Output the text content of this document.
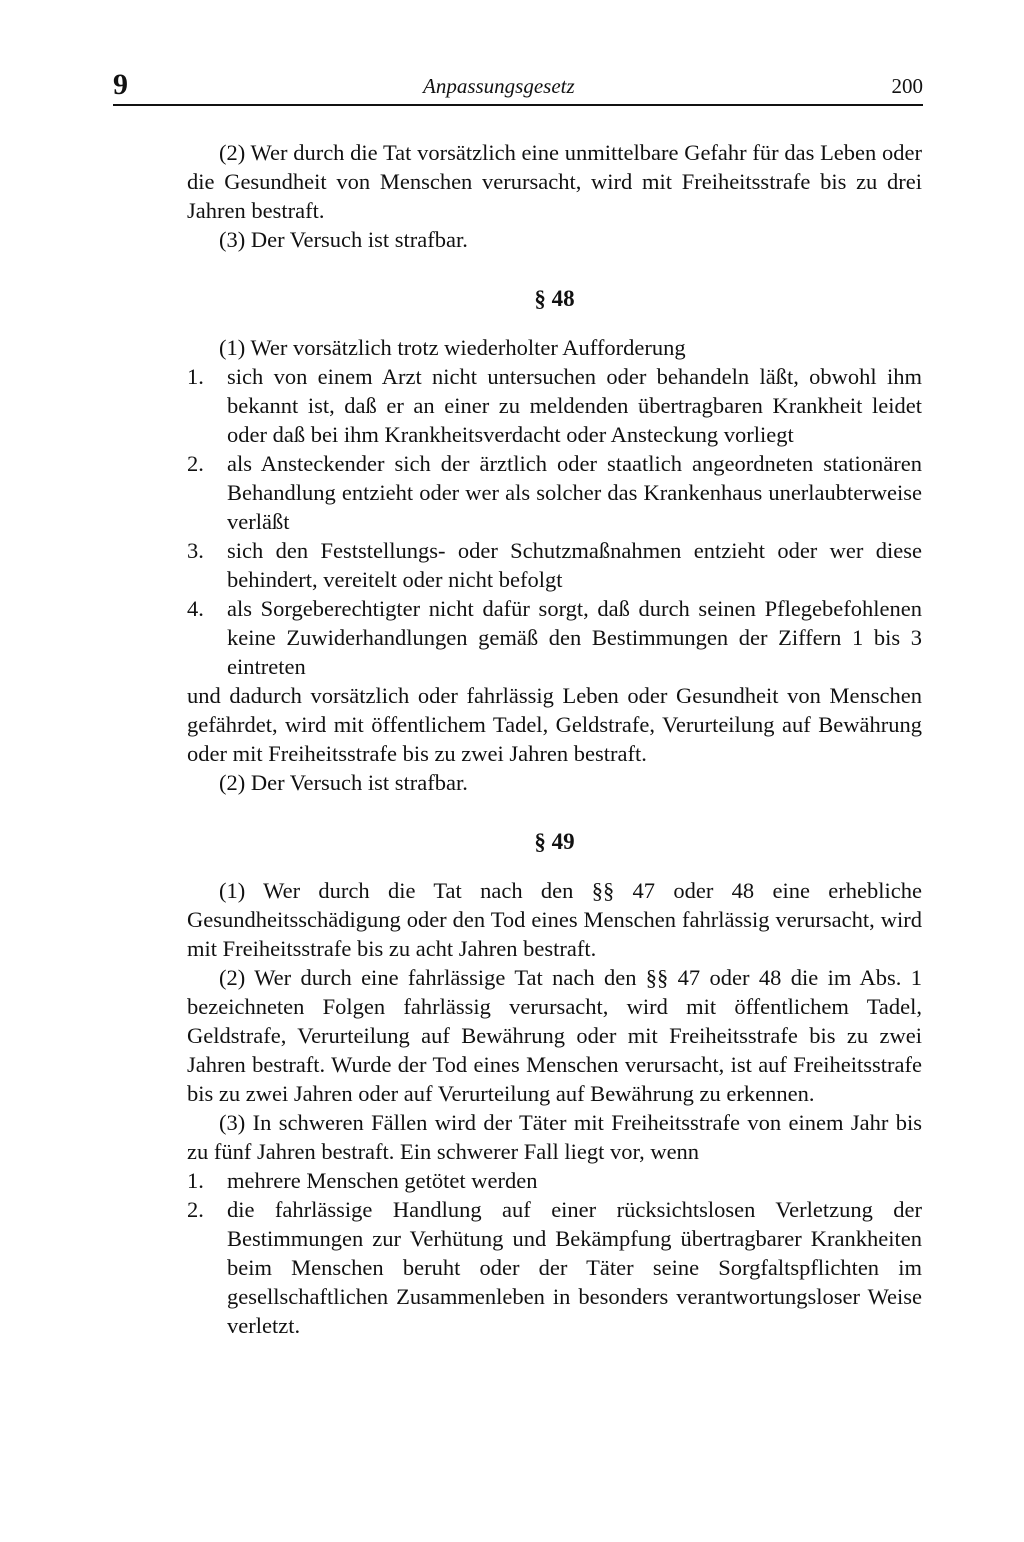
9	Anpassungsgesetz	200

(2) Wer durch die Tat vorsätzlich eine unmittelbare Gefahr für das Leben oder die Gesundheit von Menschen verursacht, wird mit Freiheitsstrafe bis zu drei Jahren bestraft.

(3) Der Versuch ist strafbar.

§ 48

(1) Wer vorsätzlich trotz wiederholter Aufforderung

1.	sich von einem Arzt nicht untersuchen oder behandeln läßt, obwohl ihm bekannt ist, daß er an einer zu meldenden übertragbaren Krankheit leidet oder daß bei ihm Krankheitsverdacht oder Ansteckung vorliegt
2.	als Ansteckender sich der ärztlich oder staatlich angeordneten stationären Behandlung entzieht oder wer als solcher das Krankenhaus unerlaubterweise verläßt
3.	sich den Feststellungs- oder Schutzmaßnahmen entzieht oder wer diese behindert, vereitelt oder nicht befolgt
4.	als Sorgeberechtigter nicht dafür sorgt, daß durch seinen Pflegebefohlenen keine Zuwiderhandlungen gemäß den Bestimmungen der Ziffern 1 bis 3 eintreten

und dadurch vorsätzlich oder fahrlässig Leben oder Gesundheit von Menschen gefährdet, wird mit öffentlichem Tadel, Geldstrafe, Verurteilung auf Bewährung oder mit Freiheitsstrafe bis zu zwei Jahren bestraft.

(2) Der Versuch ist strafbar.

§ 49

(1) Wer durch die Tat nach den §§ 47 oder 48 eine erhebliche Gesundheitsschädigung oder den Tod eines Menschen fahrlässig verursacht, wird mit Freiheitsstrafe bis zu acht Jahren bestraft.

(2) Wer durch eine fahrlässige Tat nach den §§ 47 oder 48 die im Abs. 1 bezeichneten Folgen fahrlässig verursacht, wird mit öffentlichem Tadel, Geldstrafe, Verurteilung auf Bewährung oder mit Freiheitsstrafe bis zu zwei Jahren bestraft. Wurde der Tod eines Menschen verursacht, ist auf Freiheitsstrafe bis zu zwei Jahren oder auf Verurteilung auf Bewährung zu erkennen.

(3) In schweren Fällen wird der Täter mit Freiheitsstrafe von einem Jahr bis zu fünf Jahren bestraft. Ein schwerer Fall liegt vor, wenn

1.	mehrere Menschen getötet werden
2.	die fahrlässige Handlung auf einer rücksichtslosen Verletzung der Bestimmungen zur Verhütung und Bekämpfung übertragbarer Krankheiten beim Menschen beruht oder der Täter seine Sorgfaltspflichten im gesellschaftlichen Zusammenleben in besonders verantwortungsloser Weise verletzt.
